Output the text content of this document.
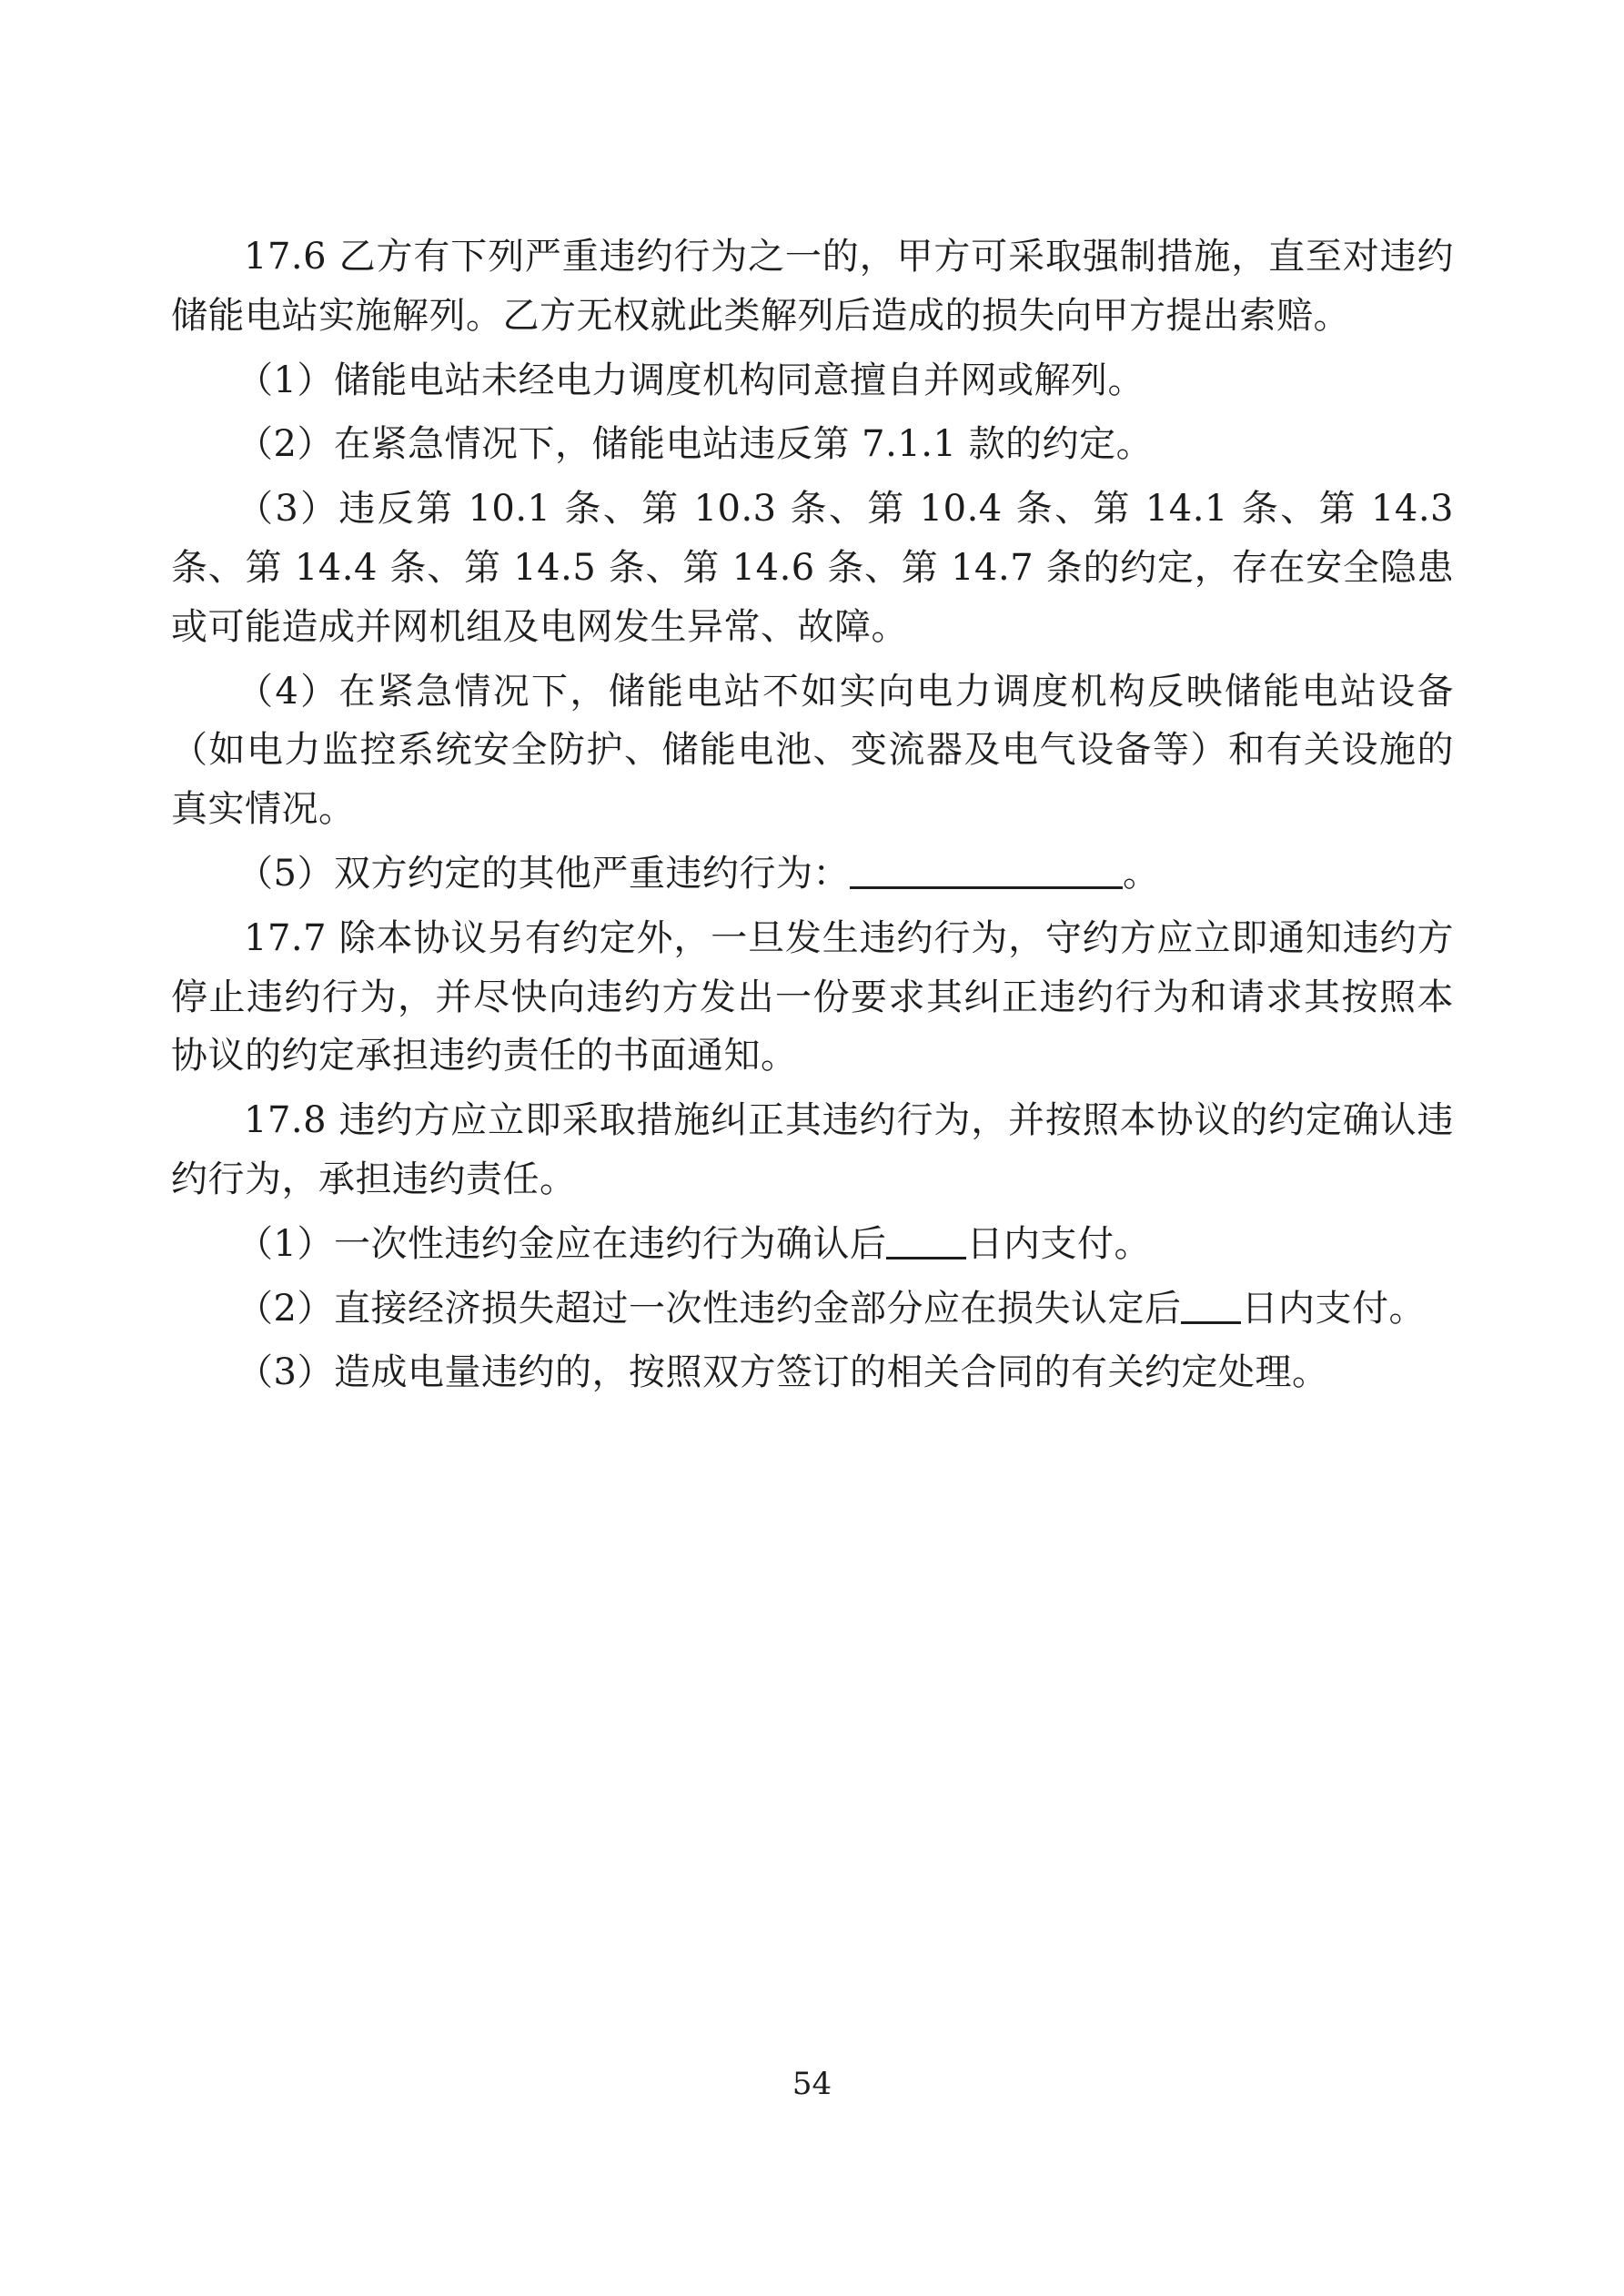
17.6 乙方有下列严重违约行为之一的，甲方可采取强制措施，直至对违约储能电站实施解列。乙方无权就此类解列后造成的损失向甲方提出索赔。

（1）储能电站未经电力调度机构同意擅自并网或解列。

（2）在紧急情况下，储能电站违反第 7.1.1 款的约定。

（3）违反第 10.1 条、第 10.3 条、第 10.4 条、第 14.1 条、第 14.3 条、第 14.4 条、第 14.5 条、第 14.6 条、第 14.7 条的约定，存在安全隐患或可能造成并网机组及电网发生异常、故障。

（4）在紧急情况下，储能电站不如实向电力调度机构反映储能电站设备（如电力监控系统安全防护、储能电池、变流器及电气设备等）和有关设施的真实情况。

（5）双方约定的其他严重违约行为：	。

17.7 除本协议另有约定外，一旦发生违约行为，守约方应立即通知违约方停止违约行为，并尽快向违约方发出一份要求其纠正违约行为和请求其按照本协议的约定承担违约责任的书面通知。

17.8 违约方应立即采取措施纠正其违约行为，并按照本协议的约定确认违约行为，承担违约责任。

（1）一次性违约金应在违约行为确认后 日内支付。

（2）直接经济损失超过一次性违约金部分应在损失认定后 日内支付。

（3）造成电量违约的，按照双方签订的相关合同的有关约定处理。

54
